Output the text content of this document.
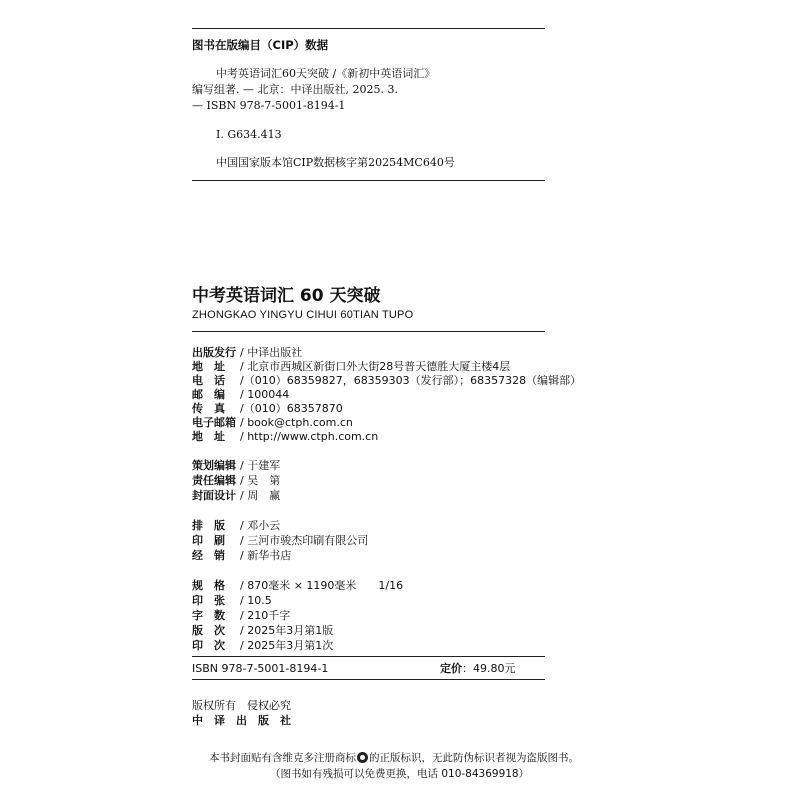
图书在版编目（CIP）数据
中考英语词汇60天突破 /《新初中英语词汇》
编写组著. — 北京：中译出版社, 2025. 3.
— ISBN 978-7-5001-8194-1
Ⅰ. G634.413
中国国家版本馆CIP数据核字第20254MC640号
中考英语词汇 60 天突破
ZHONGKAO YINGYU CIHUI 60TIAN TUPO
出版发行 / 中译出版社
地　址 / 北京市西城区新街口外大街28号普天德胜大厦主楼4层
电　话 /（010）68359827，68359303（发行部）；68357328（编辑部）
邮　编 / 100044
传　真 /（010）68357870
电子邮箱 / book@ctph.com.cn
地　址 / http://www.ctph.com.cn
策划编辑 / 于建军
责任编辑 / 吴　第
封面设计 / 周　赢
排　版 / 邓小云
印　刷 / 三河市骏杰印刷有限公司
经　销 / 新华书店
规　格 / 870毫米 × 1190毫米　　1/16
印　张 / 10.5
字　数 / 210千字
版　次 / 2025年3月第1版
印　次 / 2025年3月第1次
ISBN 978-7-5001-8194-1	定价：49.80元
版权所有　侵权必究
中　译　出　版　社
本书封面贴有含维克多注册商标 的正版标识，无此防伪标识者视为盗版图书。
（图书如有残损可以免费更换，电话 010-84369918）
